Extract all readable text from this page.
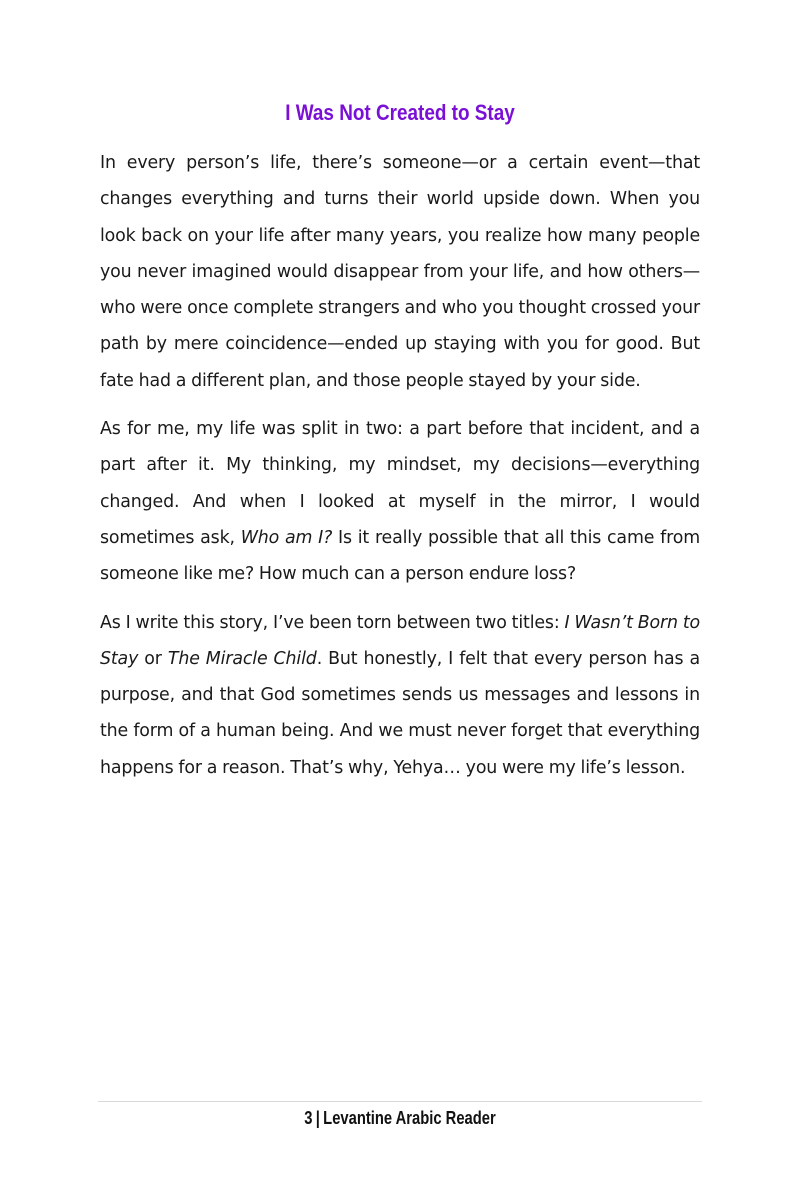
I Was Not Created to Stay

In every person’s life, there’s someone—or a certain event—that changes everything and turns their world upside down. When you look back on your life after many years, you realize how many people you never imagined would disappear from your life, and how others—who were once complete strangers and who you thought crossed your path by mere coincidence—ended up staying with you for good. But fate had a different plan, and those people stayed by your side.

As for me, my life was split in two: a part before that incident, and a part after it. My thinking, my mindset, my decisions—everything changed. And when I looked at myself in the mirror, I would sometimes ask, Who am I? Is it really possible that all this came from someone like me? How much can a person endure loss?

As I write this story, I’ve been torn between two titles: I Wasn’t Born to Stay or The Miracle Child. But honestly, I felt that every person has a purpose, and that God sometimes sends us messages and lessons in the form of a human being. And we must never forget that everything happens for a reason. That’s why, Yehya… you were my life’s lesson.

3 | Levantine Arabic Reader
